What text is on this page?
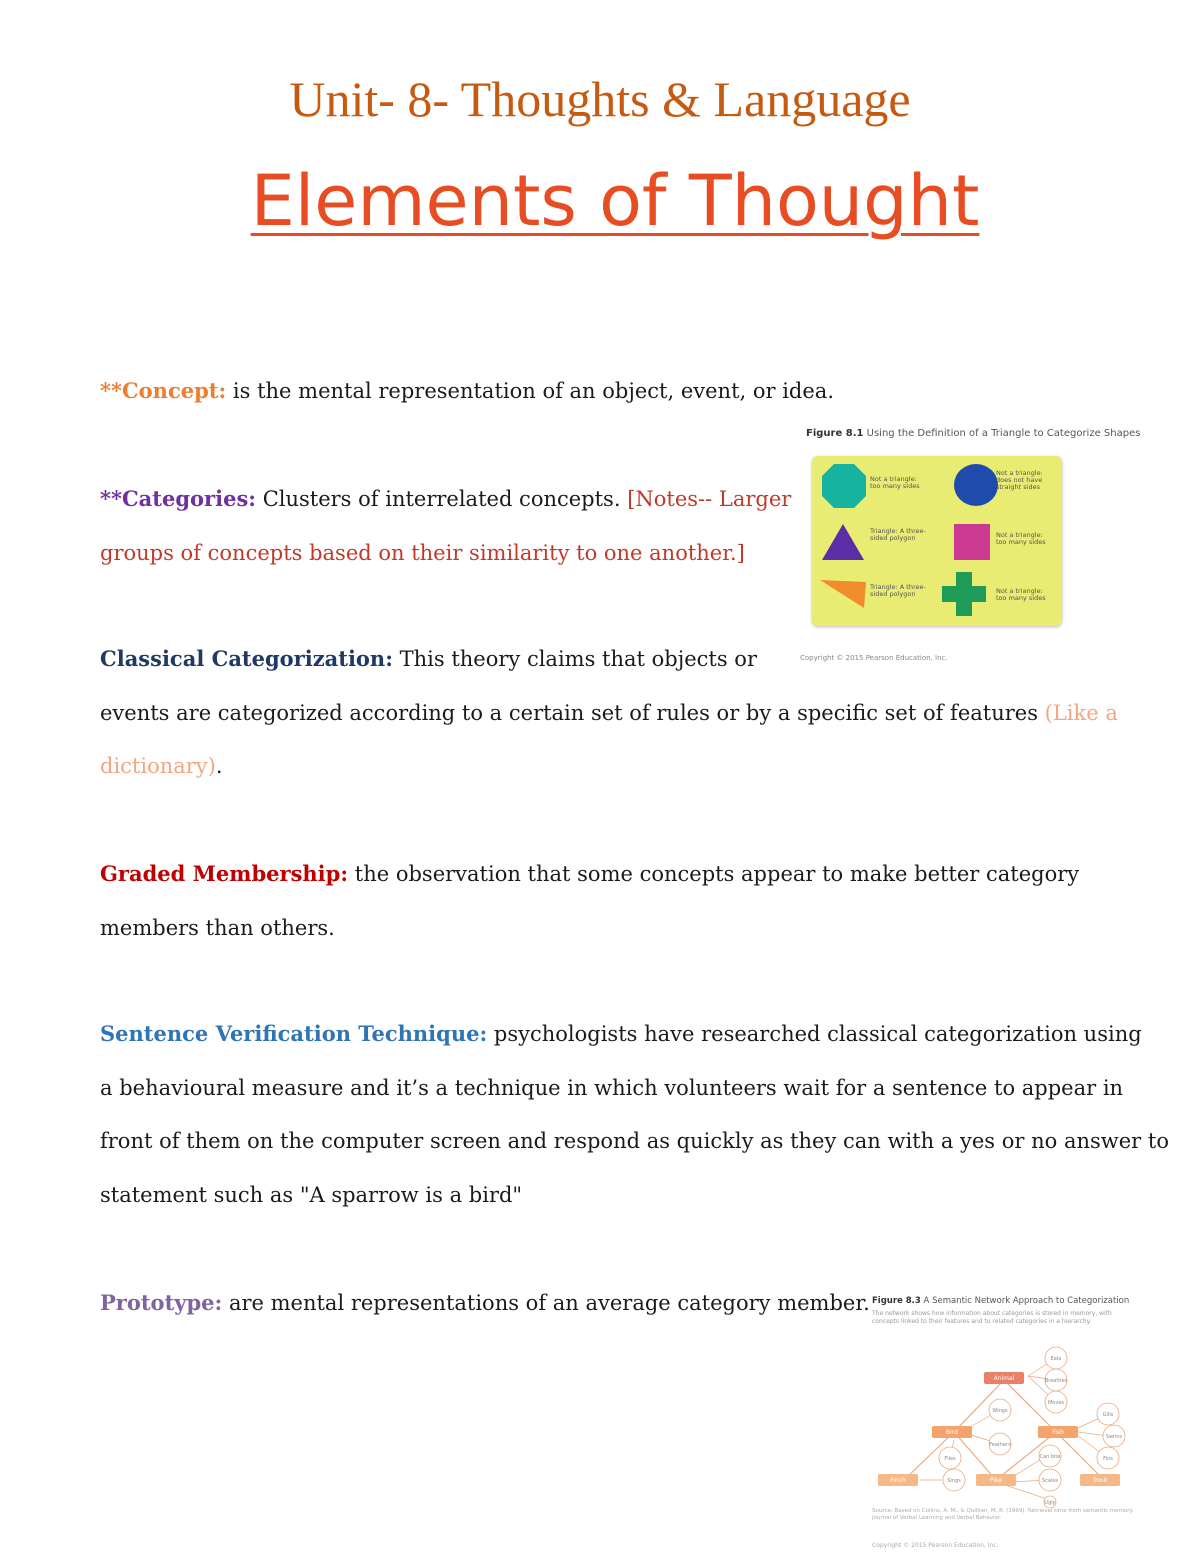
Unit- 8- Thoughts & Language
Elements of Thought
**Concept: is the mental representation of an object, event, or idea.
**Categories: Clusters of interrelated concepts. [Notes-- Larger
groups of concepts based on their similarity to one another.]
Classical Categorization: This theory claims that objects or
events are categorized according to a certain set of rules or by a specific set of features (Like a
dictionary).
Graded Membership: the observation that some concepts appear to make better category
members than others.
Sentence Verification Technique: psychologists have researched classical categorization using
a behavioural measure and it’s a technique in which volunteers wait for a sentence to appear in
front of them on the computer screen and respond as quickly as they can with a yes or no answer to
statement such as "A sparrow is a bird"
Prototype: are mental representations of an average category member.
Figure 8.1 Using the Definition of a Triangle to Categorize Shapes
Not a triangle: too many sides
Not a triangle: does not have straight sides
Triangle: A three-sided polygon	Not a triangle: too many sides
Triangle: A three-sided polygon	Not a triangle: too many sides
Copyright © 2015 Pearson Education, Inc.
Figure 8.3 A Semantic Network Approach to Categorization
The network shows how information about categories is stored in memory, with concepts linked to their features and to related categories in a hierarchy.
Eats
Breathes
Moves
Wings
Feathers
Flies
Gills
Swims
Fins
Sings
Can bite
Scales
Ugly
Animal
Bird	Fish
Finch	Pike	Trout
Source: Based on Collins, A. M., & Quillian, M. R. (1969). Retrieval time from semantic memory. Journal of Verbal Learning and Verbal Behavior.
Copyright © 2015 Pearson Education, Inc.
